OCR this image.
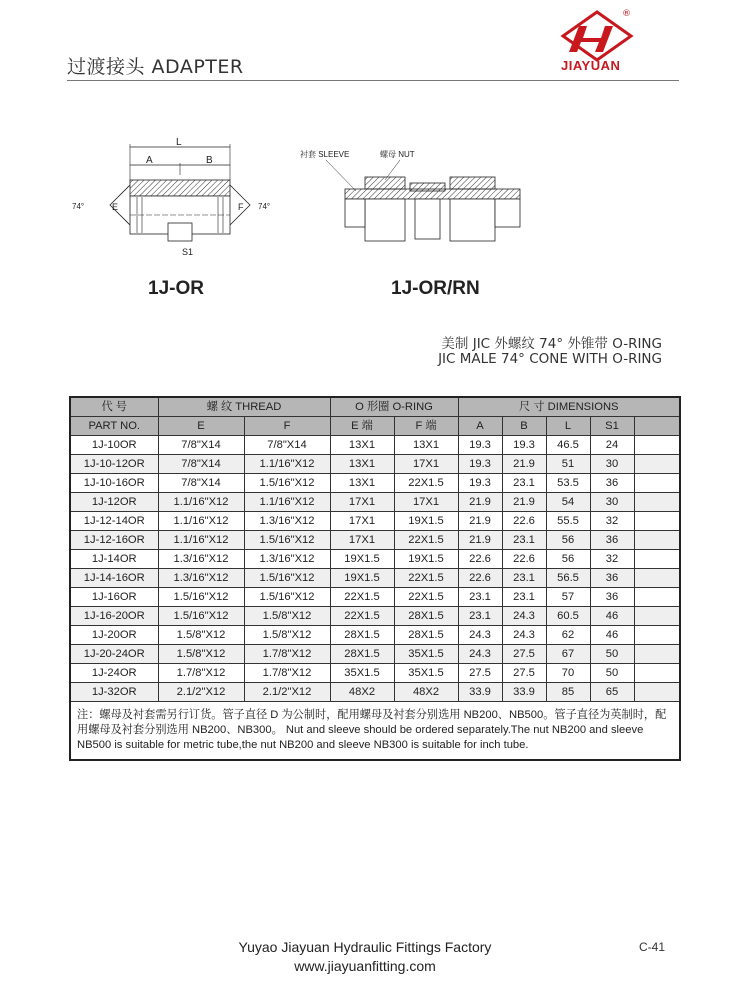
过渡接头 ADAPTER
®
JIAYUAN
L
A	B
S1
74°	74°
E	F
衬套 SLEEVE	螺母 NUT
1J-OR	1J-OR/RN
美制 JIC 外螺纹 74° 外锥带 O-RING
JIC MALE 74° CONE WITH O-RING
代 号	螺 纹 THREAD		O 形圈 O-RING		尺 寸 DIMENSIONS				
PART NO.	E	F	E 端	F 端	A	B	L	S1	
1J-10OR	7/8"X14	7/8"X14	13X1	13X1	19.3	19.3	46.5	24	
1J-10-12OR	7/8"X14	1.1/16"X12	13X1	17X1	19.3	21.9	51	30	
1J-10-16OR	7/8"X14	1.5/16"X12	13X1	22X1.5	19.3	23.1	53.5	36	
1J-12OR	1.1/16"X12	1.1/16"X12	17X1	17X1	21.9	21.9	54	30	
1J-12-14OR	1.1/16"X12	1.3/16"X12	17X1	19X1.5	21.9	22.6	55.5	32	
1J-12-16OR	1.1/16"X12	1.5/16"X12	17X1	22X1.5	21.9	23.1	56	36	
1J-14OR	1.3/16"X12	1.3/16"X12	19X1.5	19X1.5	22.6	22.6	56	32	
1J-14-16OR	1.3/16"X12	1.5/16"X12	19X1.5	22X1.5	22.6	23.1	56.5	36	
1J-16OR	1.5/16"X12	1.5/16"X12	22X1.5	22X1.5	23.1	23.1	57	36	
1J-16-20OR	1.5/16"X12	1.5/8"X12	22X1.5	28X1.5	23.1	24.3	60.5	46	
1J-20OR	1.5/8"X12	1.5/8"X12	28X1.5	28X1.5	24.3	24.3	62	46	
1J-20-24OR	1.5/8"X12	1.7/8"X12	28X1.5	35X1.5	24.3	27.5	67	50	
1J-24OR	1.7/8"X12	1.7/8"X12	35X1.5	35X1.5	27.5	27.5	70	50	
1J-32OR	2.1/2"X12	2.1/2"X12	48X2	48X2	33.9	33.9	85	65	
注：螺母及衬套需另行订货。管子直径 D 为公制时，配用螺母及衬套分别选用 NB200、NB500。管子直径为英制时，配用螺母及衬套分别选用 NB200、NB300。 Nut and sleeve should be ordered separately.The nut NB200 and sleeve NB500 is suitable for metric tube,the nut NB200 and sleeve NB300 is suitable for inch tube.									
Yuyao Jiayuan Hydraulic Fittings Factory
www.jiayuanfitting.com
C-41
